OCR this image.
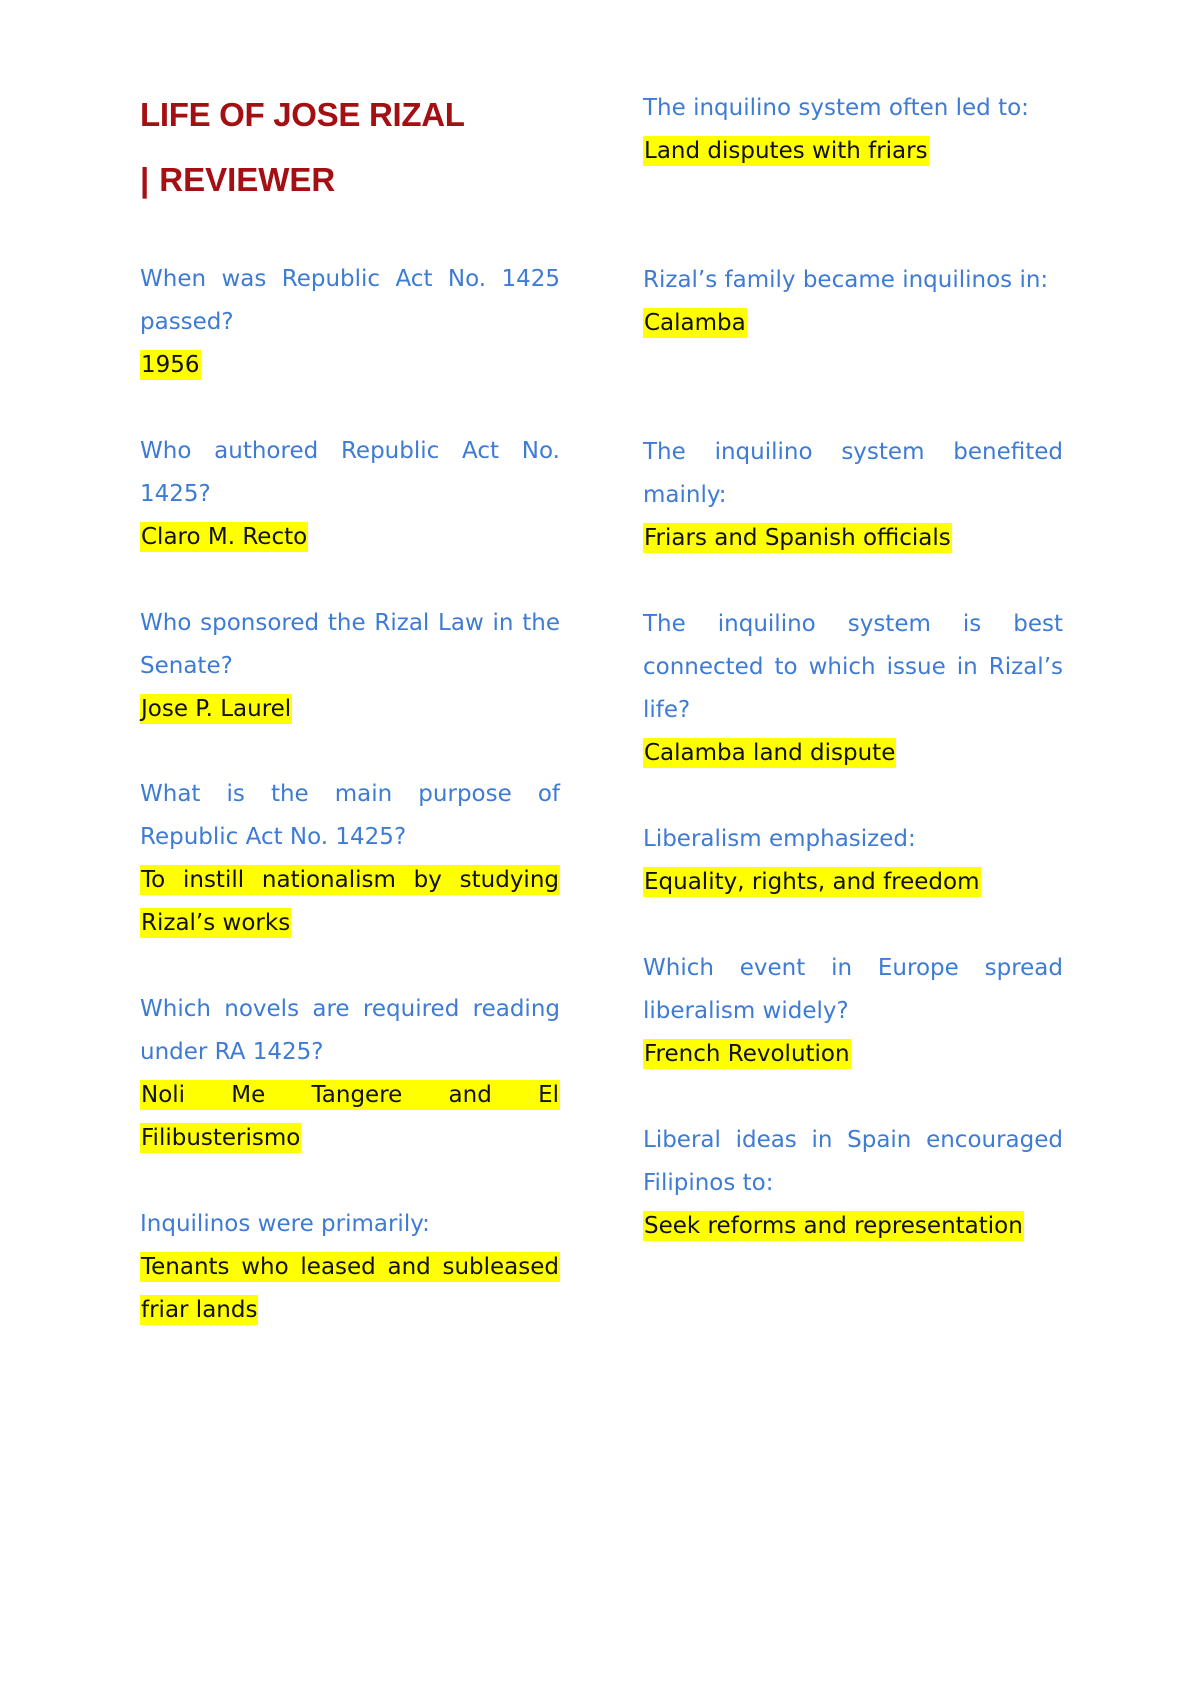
LIFE OF JOSE RIZAL
| REVIEWER

When was Republic Act No. 1425 passed?

1956

Who authored Republic Act No. 1425?

Claro M. Recto

Who sponsored the Rizal Law in the Senate?

Jose P. Laurel

What is the main purpose of Republic Act No. 1425?

To instill nationalism by studying Rizal’s works

Which novels are required reading under RA 1425?

Noli Me Tangere and El Filibusterismo

Inquilinos were primarily:

Tenants who leased and subleased friar lands

The inquilino system often led to:

Land disputes with friars

Rizal’s family became inquilinos in:

Calamba

The inquilino system benefited mainly:

Friars and Spanish officials

The inquilino system is best connected to which issue in Rizal’s life?

Calamba land dispute

Liberalism emphasized:

Equality, rights, and freedom

Which event in Europe spread liberalism widely?

French Revolution

Liberal ideas in Spain encouraged Filipinos to:

Seek reforms and representation
